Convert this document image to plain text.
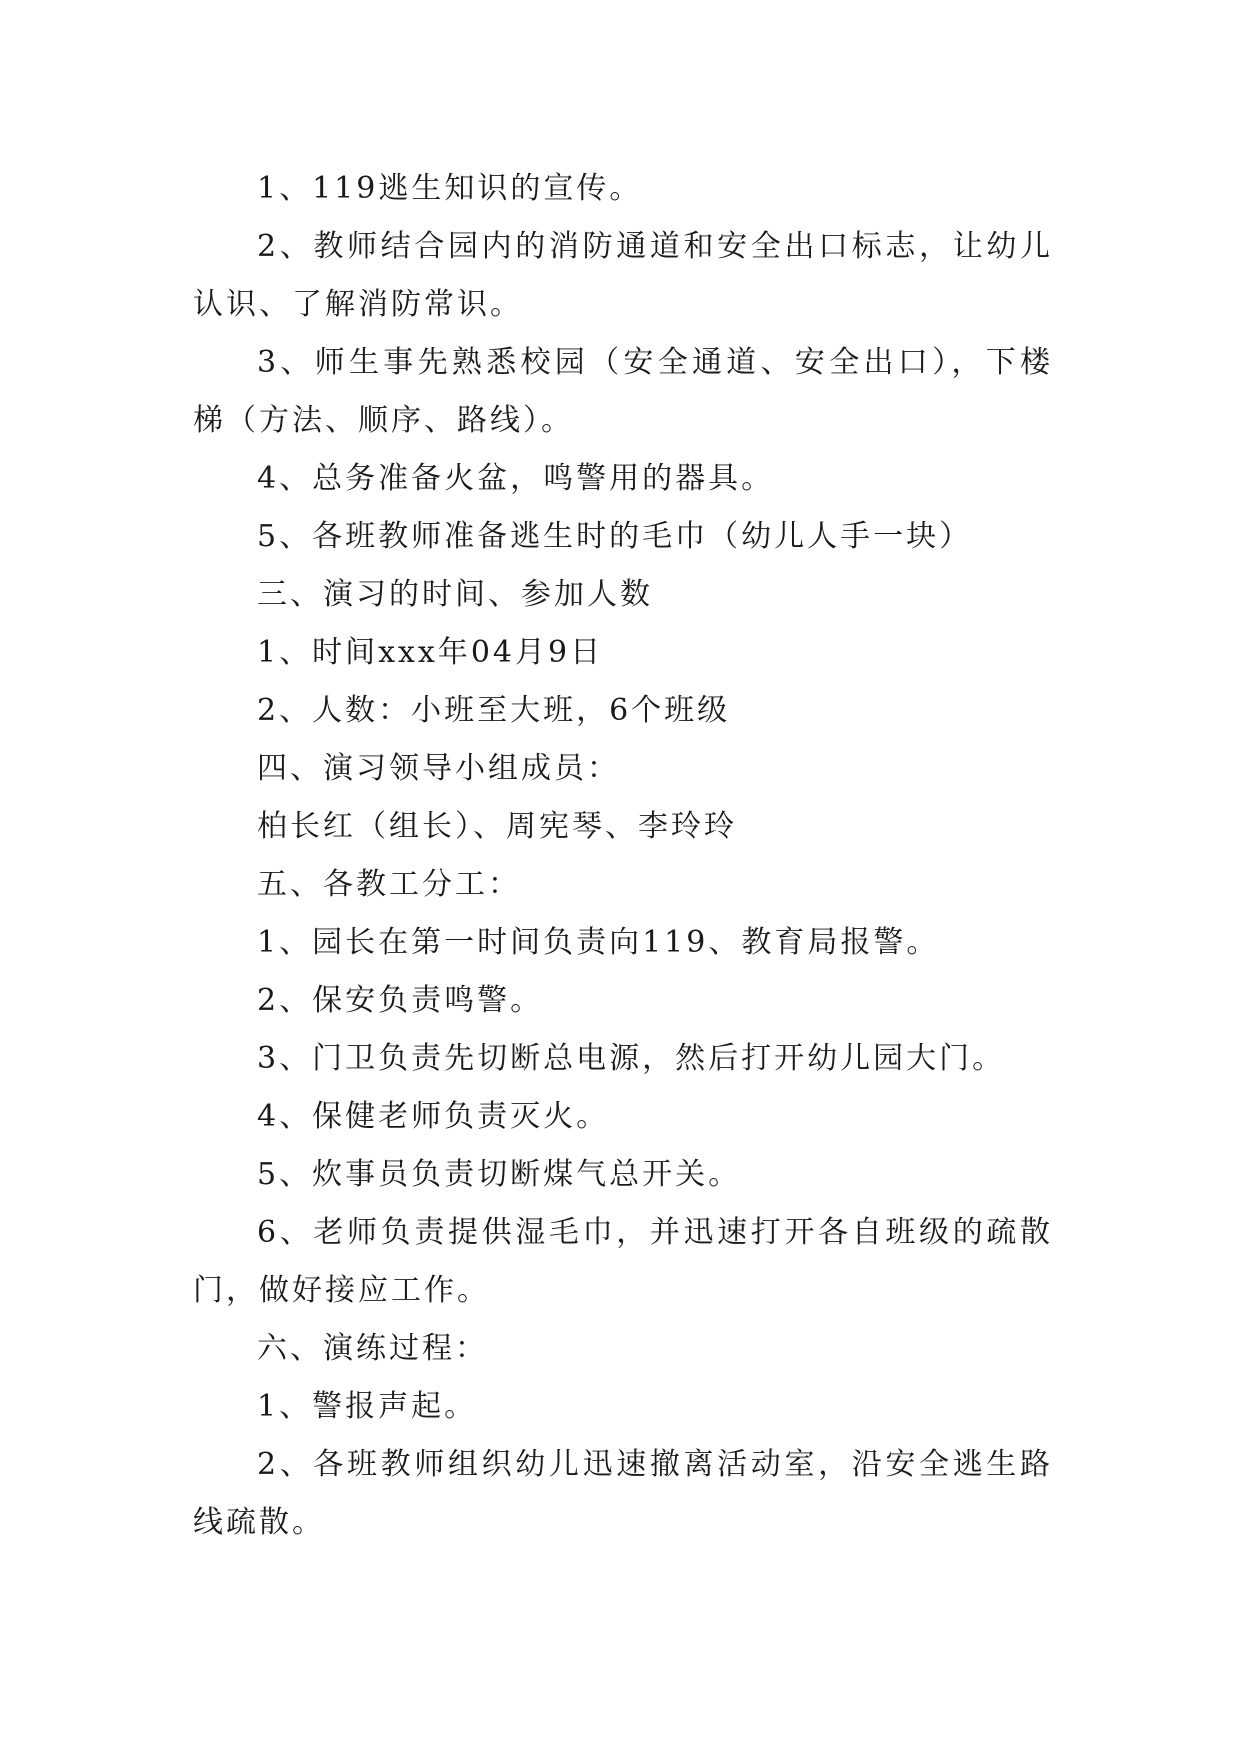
1、119逃生知识的宣传。

2、教师结合园内的消防通道和安全出口标志，让幼儿认识、了解消防常识。

3、师生事先熟悉校园（安全通道、安全出口），下楼梯（方法、顺序、路线）。

4、总务准备火盆，鸣警用的器具。

5、各班教师准备逃生时的毛巾（幼儿人手一块）

三、演习的时间、参加人数

1、时间xxx年04月9日

2、人数：小班至大班，6个班级

四、演习领导小组成员：

柏长红（组长）、周宪琴、李玲玲

五、各教工分工：

1、园长在第一时间负责向119、教育局报警。

2、保安负责鸣警。

3、门卫负责先切断总电源，然后打开幼儿园大门。

4、保健老师负责灭火。

5、炊事员负责切断煤气总开关。

6、老师负责提供湿毛巾，并迅速打开各自班级的疏散门，做好接应工作。

六、演练过程：

1、警报声起。

2、各班教师组织幼儿迅速撤离活动室，沿安全逃生路线疏散。
